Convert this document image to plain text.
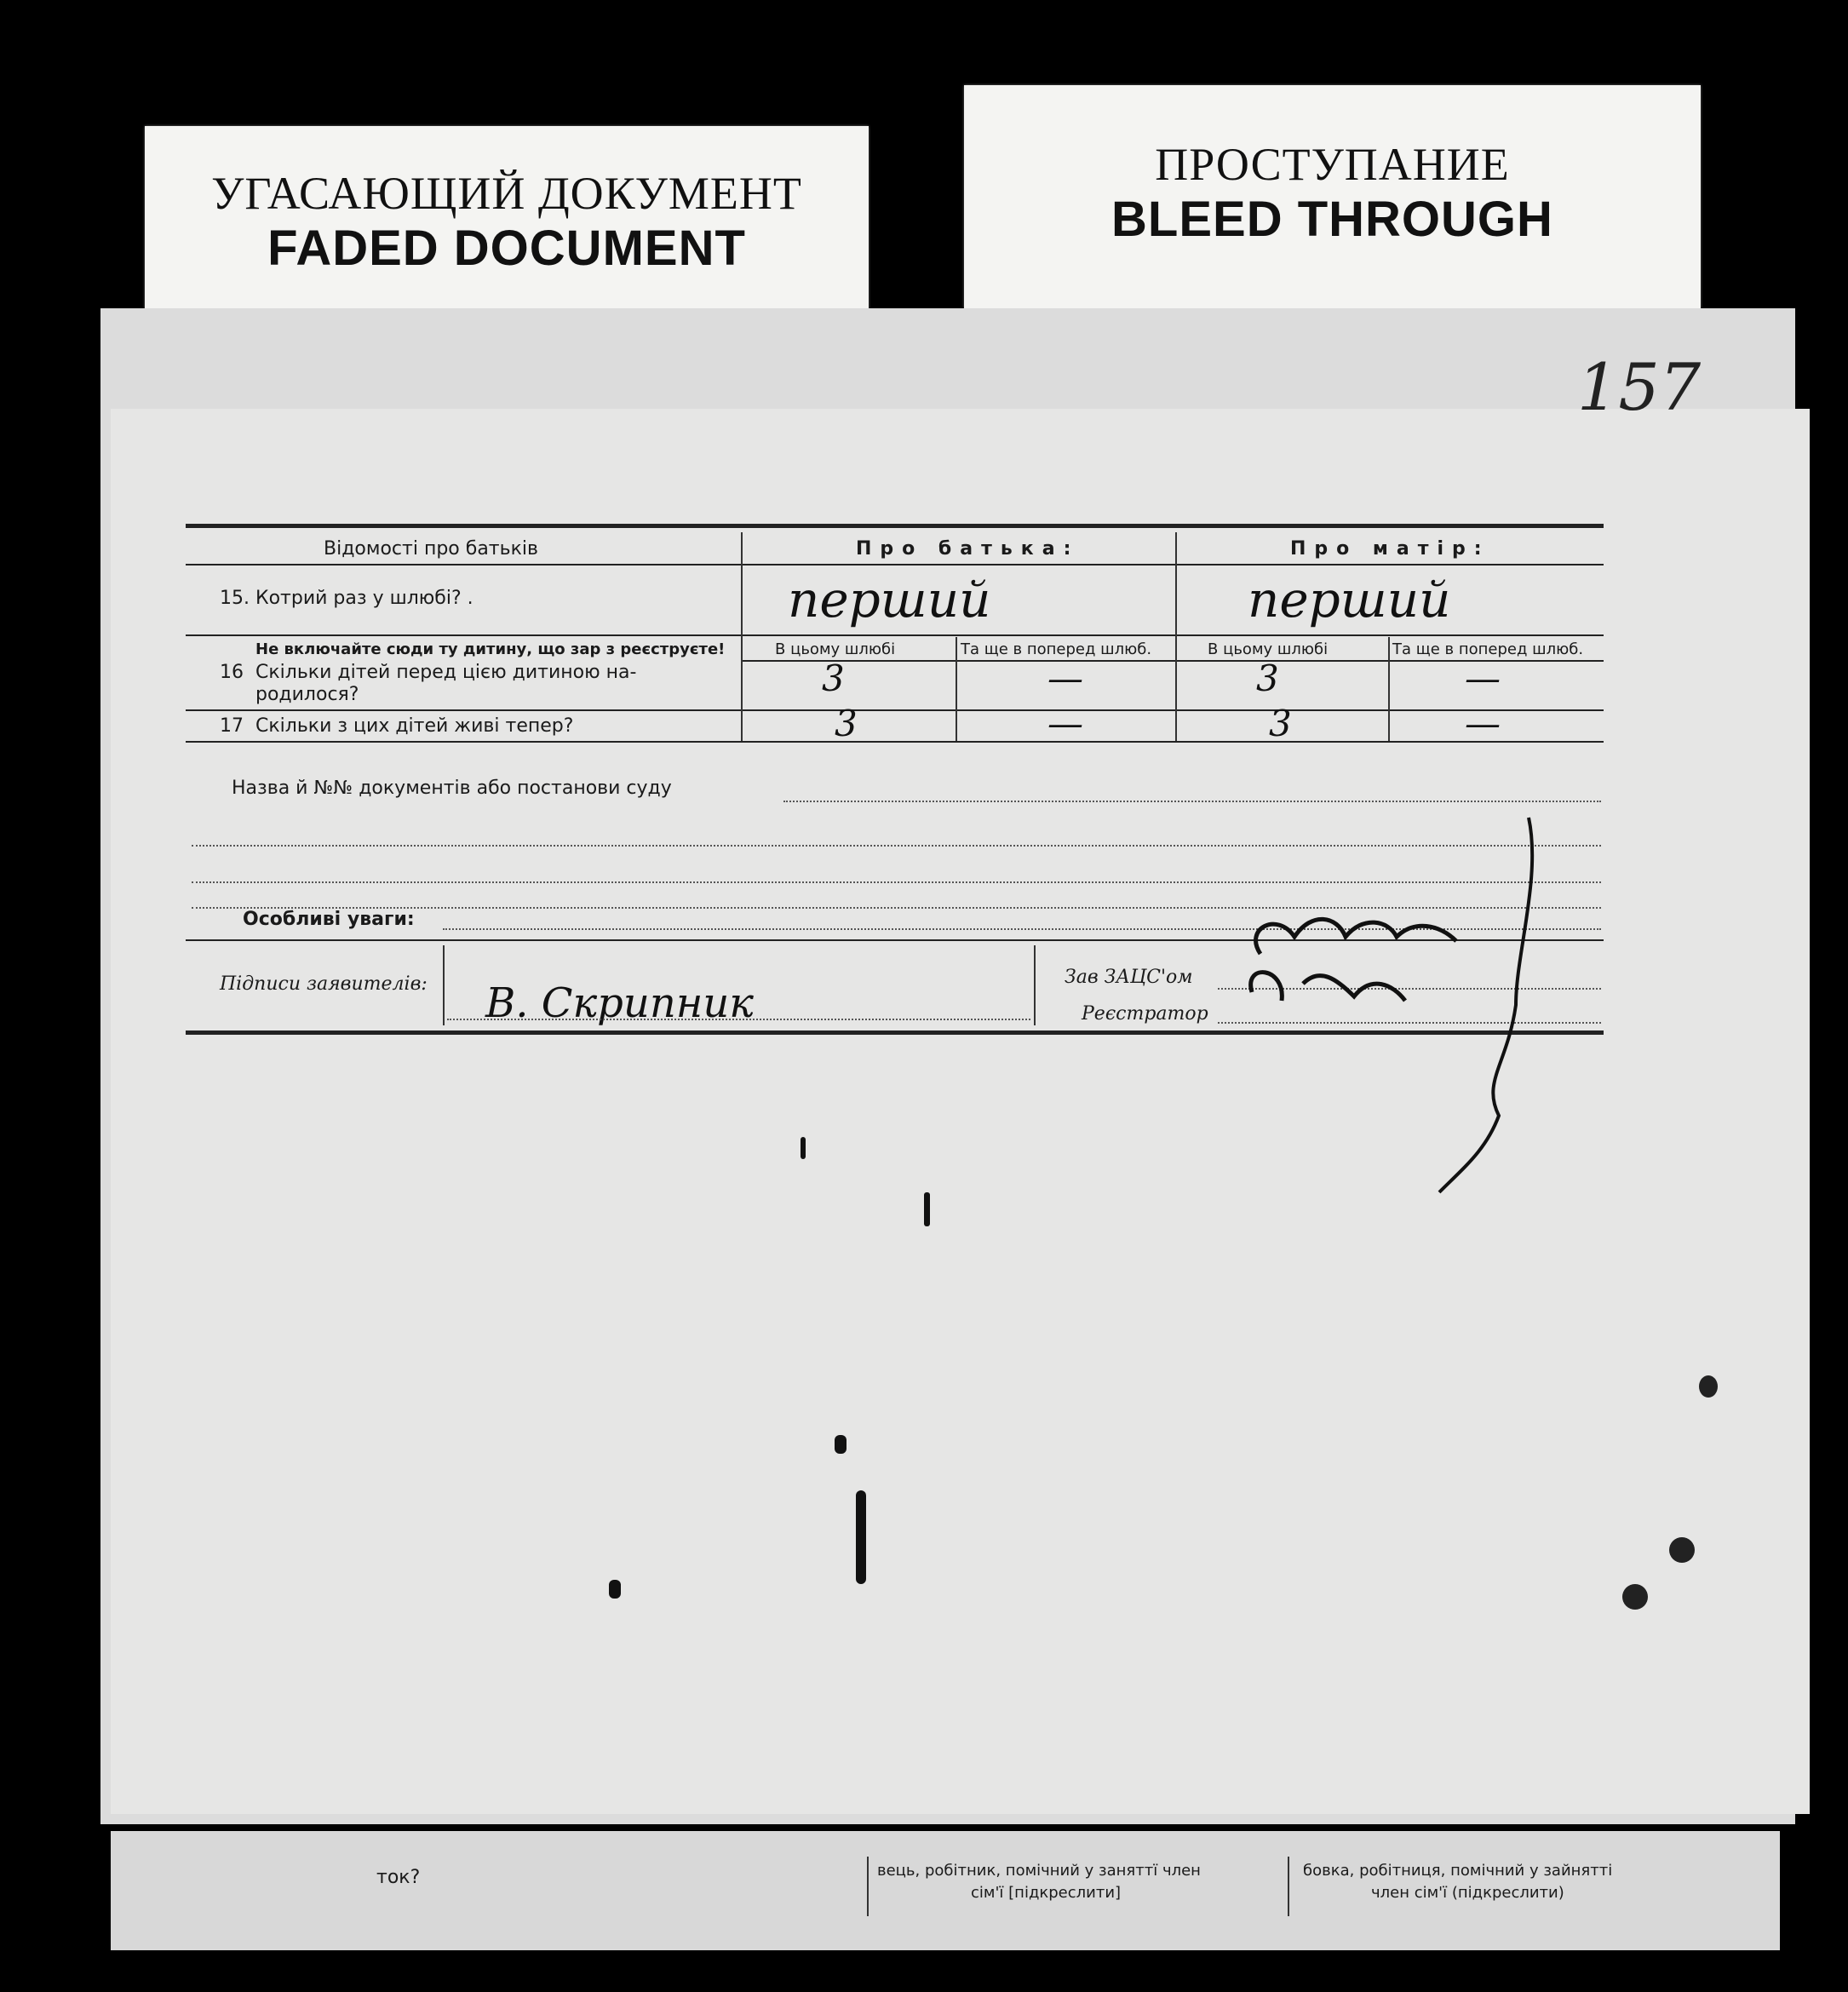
УГАСАЮЩИЙ ДОКУМЕНТ
FADED DOCUMENT
ПРОСТУПАНИЕ
BLEED THROUGH
ток?	вець, робітник, помічний у заняттї член
сім'ї [підкреслити]
бовка, робітниця, помічний у зайнятті
член сім'ї (підкреслити)
157
Відомості про батьків	Про батька:	Про матір:
15. Котрий раз у шлюбі? .	перший	перший
Не включайте сюди ту дитину, що зар з реєструєте!
16 Скільки дітей перед цією дитиною на-
родилося?
В цьому шлюбі	Та ще в поперед шлюб.	В цьому шлюбі	Та ще в поперед шлюб.
3	—	3	—
17 Скільки з цих дітей живі тепер?	3	—	3	—
Назва й №№ документів або постанови суду
Особливі уваги:
Підписи заявителів: В. Скрипник
Зав ЗАЦС'ом
Реєстратор
